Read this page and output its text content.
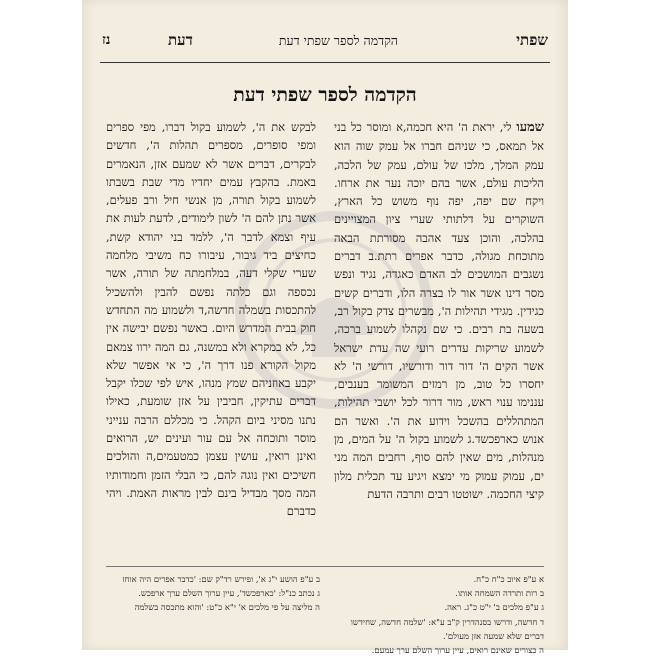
שפתי
הקדמה לספר שפתי דעת
דעת
נז
הקדמה לספר שפתי דעת

שמעו לי, יראת ה' היא חכמה,א ומוסר כל בני אל תמאס, כי שניהם חברו אל עמק שוה הוא עמק המלך, מלכו של עולם, עמק של הלכה, הליכות עולם, אשר בהם יוכה נער את ארחו. ויקח שם יפה, יפה נוף משוש כל הארץ, השוקרים על דלתותי שערי ציון המצויינים בהלכה, והוכן צעד אהבה מסורתת הבאה מתוכחת מגולה, כדבר אפרים רתת.ב דברים נשגבים המושכים לב האדם כאגדה, נגיד ונפש מסר דינו אשר אור לו בצרה הלו, ודברים קשים כגידין. מגידי תהילות ה', מבשרים צדק בקול רב, בשעה בת רבים. כי שם נקהלו לשמוע ברכה, לשמוע שריקות עדרים רועי שה עדת ישראל אשר הקים ה' דור דור ודורשיו, דורשי ה' לא יחסרו כל טוב, מן רמזים המשומר בענבים, עננימו ענוי ראש, מור דרור לכל יושבי תהילות, המתהללים בהשכל וידוע את ה'. ואשר הם אנוש כארפכשד.ג לשמוע בקול ה' על המים, מן מנהלות, מים שאין להם סוף, רחבים המה מני ים, עמוק עמוק מי ימצא ויגיע עד תכלית מלון קיצי החכמה. ישוטטו רבים ותרבה הדעת

לבקש את ה', לשמוע בקול דברו, מפי ספרים ומפי סופרים, מספרים תהלות ה', חדשים לבקרים, דברים אשר לא שמעם אזן, הנאמרים באמת. בהקבץ עמים יחדיו מדי שבת בשבתו לשמוע בקול תורה, מן אנשי חיל ורב פעלים, אשר נתן להם ה' לשון לימודים, לדעת לעות את עיף וצמא לדבר ה', ללמד בני יהודא קשת, כחיצים ביד גיבור, עיבורו כח משיבי מלחמה שערי שקלי דעה, במלחמתה של תורה, אשר נכספה וגם כלתה נפשם להבין ולהשכיל להתכסות בשמלה חדשה,ד ולשמוע מה התחדש חוק בבית המדרש היום. באשר נפשם יבישה אין כל, לא במקרא ולא במשנה, גם המה ירוו צמאם מקול הקורא פנו דרך ה', כי אי אפשר שלא יקבע באוזניהם שמץ מנהו, איש לפי שכלו יקבל דברים עתיקין, חביבין על אזן שומעת, כאילו נתנו מסיני ביום הקהל. כי מכללם הרבה ענייני מוסר ותוכחה אל עם עור ועינים יש, הרואים ואינן רואין, עושין עצמן כמטעמים,ה והולכים חשיכים ואין נוגה להם, כי הבלי הזמן וחמודותיו המה מסך מבדיל בינם לבין מראות האמת. ויהי כדברם

א ע"פ איוב כ"ח כ"ח.

ב רות ותרדה השמחה אותו.

ג ע"פ מלכים ב' י"ט כ"ג. ראה.

ד חדשה, ודרשו בסנהדרין ק"ב ע"א: 'שלמה חדשה, שחידשו דברים שלא שמעה אזן מעולם'.

ה כצורים שאינם רואים, עיין ערוך השלם ערך עמעם.

ב ע"פ הושע י"ג א', ופירש רד"ק שם: 'כדבר אפרים היה אוחז

ג נכתב כנ"ל: 'כארפכשד', עיין ערוך השלם ערך ארפכש.

ה מליצה על פי מלכים א' י"א כ"ט: 'והוא מתכסה בשלמה
